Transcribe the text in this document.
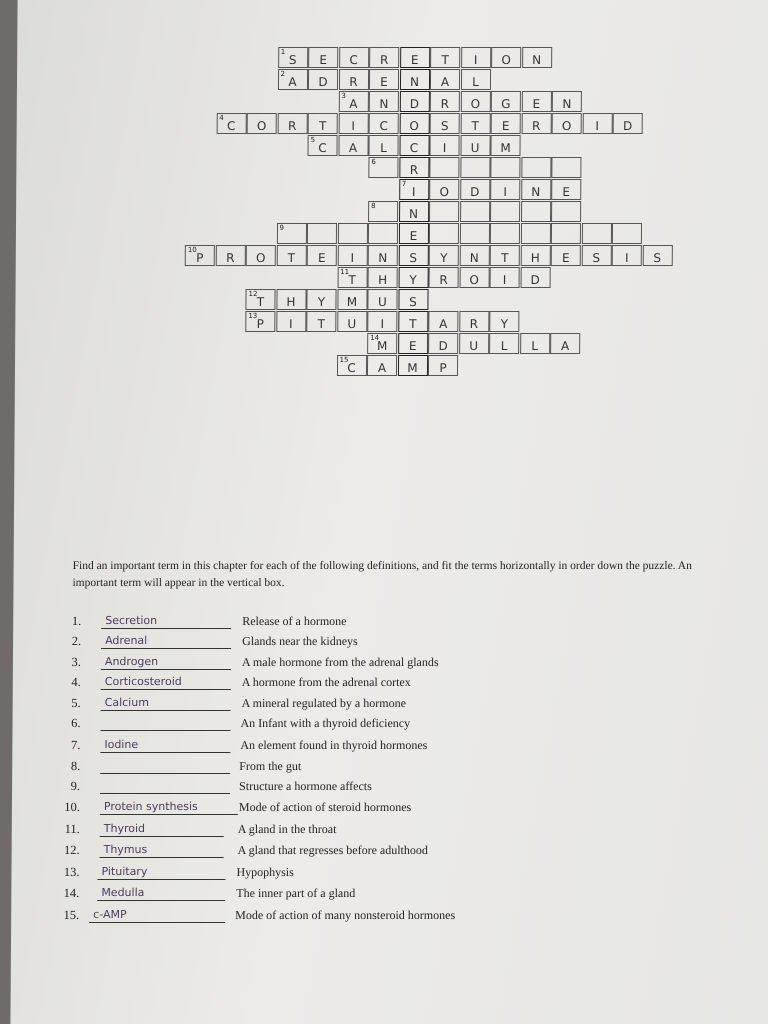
1
S E C R E T I O N
2
A D R E N A L
3
A N D R O G E N
4
C O R T I C O S T E R O I D
5
C A L C I U M
6
R
7
I O D I N E
8
N
9
E
10
P R O T E I N S Y N T H E S I S
11
T H Y R O I D
12
T H Y M U S
13
P I T U I T A R Y
14
M E D U L L A
15
C A M P
Find an important term in this chapter for each of the following definitions, and fit the terms horizontally in order down the puzzle. An important term will appear in the vertical box.
1. Secretion	Release of a hormone
2. Adrenal	Glands near the kidneys
3. Androgen	A male hormone from the adrenal glands
4. Corticosteroid	A hormone from the adrenal cortex
5. Calcium	A mineral regulated by a hormone
6.	An Infant with a thyroid deficiency
7. Iodine	An element found in thyroid hormones
8.	From the gut
9.	Structure a hormone affects
10. Protein synthesis	Mode of action of steroid hormones
11. Thyroid	A gland in the throat
12. Thymus	A gland that regresses before adulthood
13. Pituitary	Hypophysis
14. Medulla	The inner part of a gland
15. c-AMP	Mode of action of many nonsteroid hormones
